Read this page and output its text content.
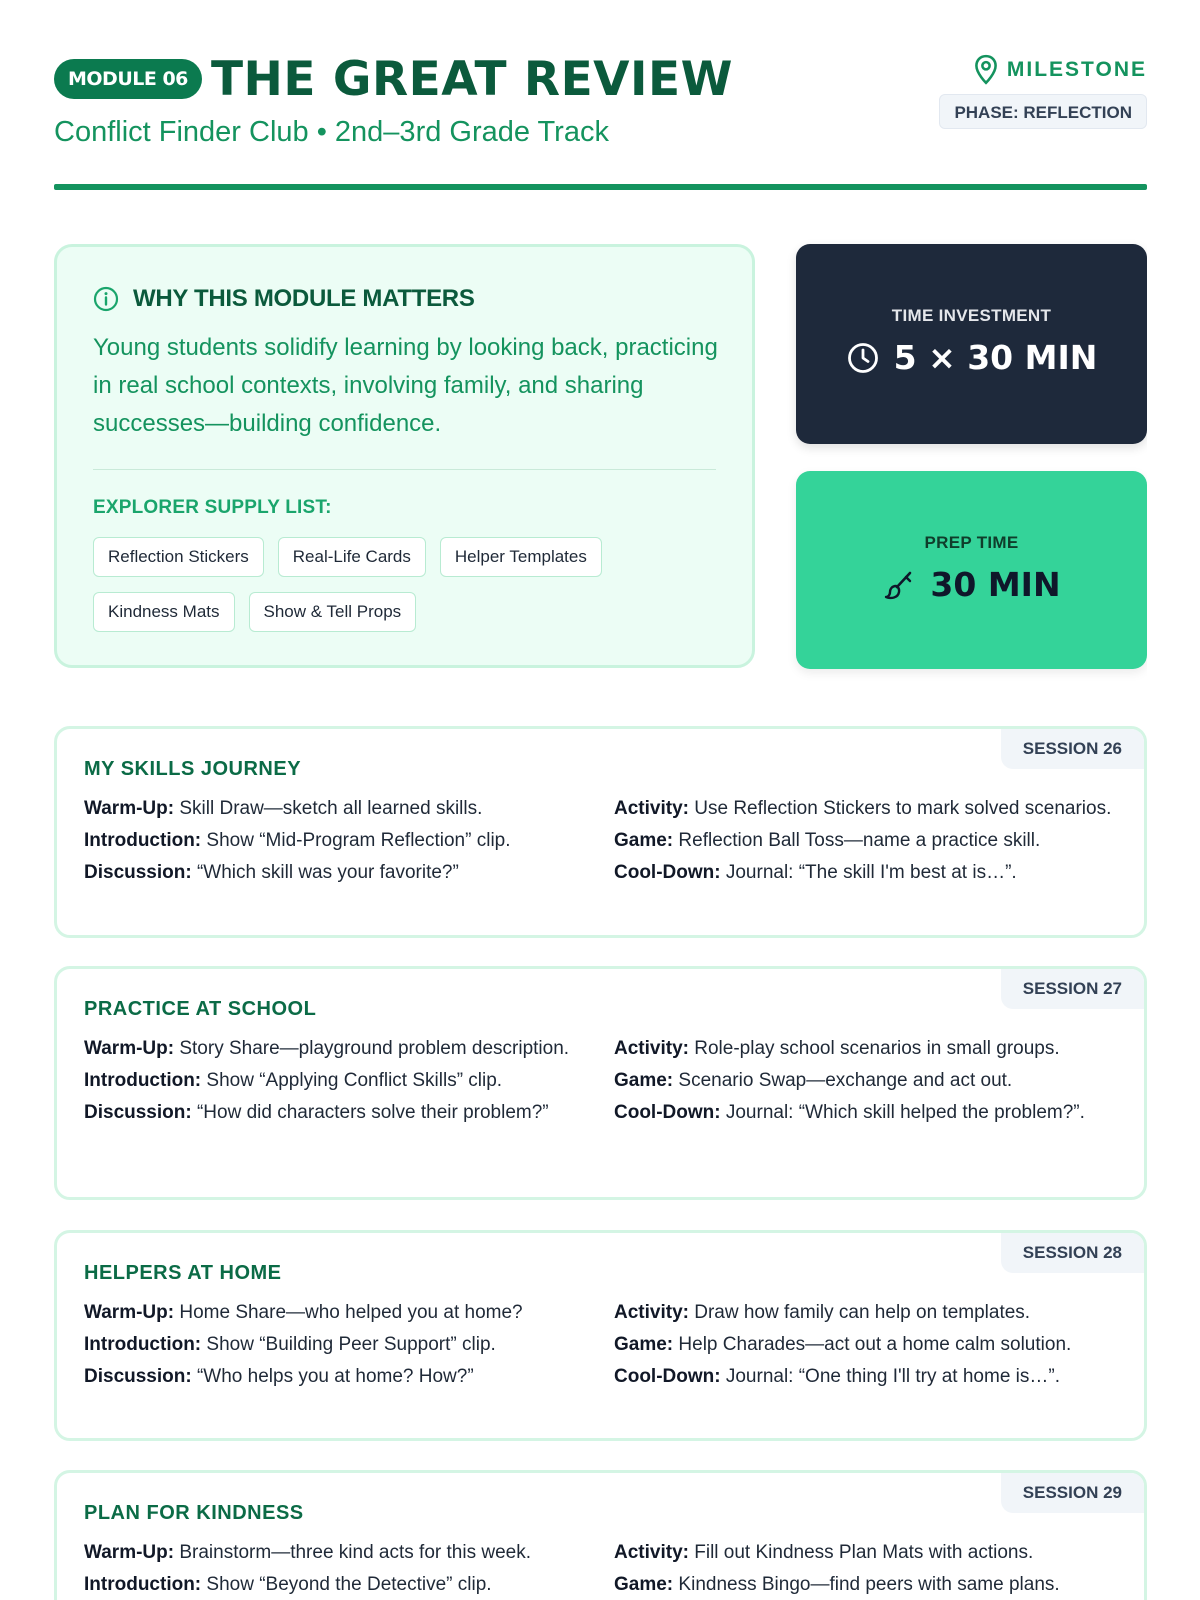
MODULE 06 THE GREAT REVIEW
Conflict Finder Club • 2nd–3rd Grade Track
MILESTONE
PHASE: REFLECTION
WHY THIS MODULE MATTERS
Young students solidify learning by looking back, practicing in real school contexts, involving family, and sharing successes—building confidence.
EXPLORER SUPPLY LIST:
Reflection Stickers	Real-Life Cards	Helper Templates
Kindness Mats	Show & Tell Props
TIME INVESTMENT
5 × 30 MIN
PREP TIME
30 MIN
SESSION 26
MY SKILLS JOURNEY
Warm-Up: Skill Draw—sketch all learned skills.
Introduction: Show “Mid-Program Reflection” clip.
Discussion: “Which skill was your favorite?”
Activity: Use Reflection Stickers to mark solved scenarios.
Game: Reflection Ball Toss—name a practice skill.
Cool-Down: Journal: “The skill I'm best at is…”.
SESSION 27
PRACTICE AT SCHOOL
Warm-Up: Story Share—playground problem description.
Introduction: Show “Applying Conflict Skills” clip.
Discussion: “How did characters solve their problem?”
Activity: Role-play school scenarios in small groups.
Game: Scenario Swap—exchange and act out.
Cool-Down: Journal: “Which skill helped the problem?”.
SESSION 28
HELPERS AT HOME
Warm-Up: Home Share—who helped you at home?
Introduction: Show “Building Peer Support” clip.
Discussion: “Who helps you at home? How?”
Activity: Draw how family can help on templates.
Game: Help Charades—act out a home calm solution.
Cool-Down: Journal: “One thing I'll try at home is…”.
SESSION 29
PLAN FOR KINDNESS
Warm-Up: Brainstorm—three kind acts for this week.
Introduction: Show “Beyond the Detective” clip.
Activity: Fill out Kindness Plan Mats with actions.
Game: Kindness Bingo—find peers with same plans.
